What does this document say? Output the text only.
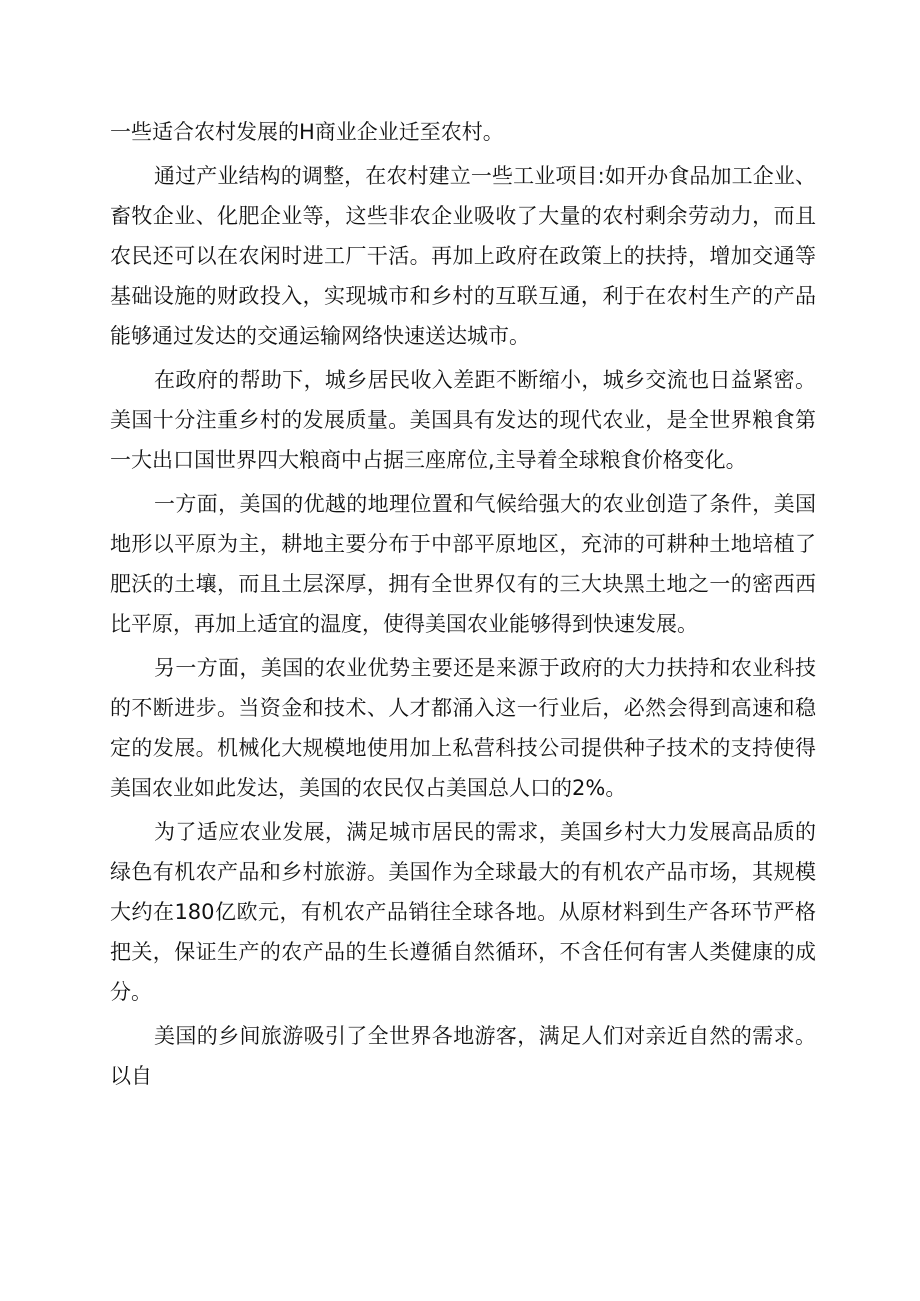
一些适合农村发展的H商业企业迁至农村。

通过产业结构的调整，在农村建立一些工业项目:如开办食品加工企业、畜牧企业、化肥企业等，这些非农企业吸收了大量的农村剩余劳动力，而且农民还可以在农闲时进工厂干活。再加上政府在政策上的扶持，增加交通等基础设施的财政投入，实现城市和乡村的互联互通，利于在农村生产的产品能够通过发达的交通运输网络快速送达城市。

在政府的帮助下，城乡居民收入差距不断缩小，城乡交流也日益紧密。美国十分注重乡村的发展质量。美国具有发达的现代农业，是全世界粮食第一大出口国世界四大粮商中占据三座席位,主导着全球粮食价格变化。

一方面，美国的优越的地理位置和气候给强大的农业创造了条件，美国地形以平原为主，耕地主要分布于中部平原地区，充沛的可耕种土地培植了肥沃的土壤，而且土层深厚，拥有全世界仅有的三大块黑土地之一的密西西比平原，再加上适宜的温度，使得美国农业能够得到快速发展。

另一方面，美国的农业优势主要还是来源于政府的大力扶持和农业科技的不断进步。当资金和技术、人才都涌入这一行业后，必然会得到高速和稳定的发展。机械化大规模地使用加上私营科技公司提供种子技术的支持使得美国农业如此发达，美国的农民仅占美国总人口的2%。

为了适应农业发展，满足城市居民的需求，美国乡村大力发展高品质的绿色有机农产品和乡村旅游。美国作为全球最大的有机农产品市场，其规模大约在180亿欧元，有机农产品销往全球各地。从原材料到生产各环节严格把关，保证生产的农产品的生长遵循自然循环，不含任何有害人类健康的成分。

美国的乡间旅游吸引了全世界各地游客，满足人们对亲近自然的需求。以自
